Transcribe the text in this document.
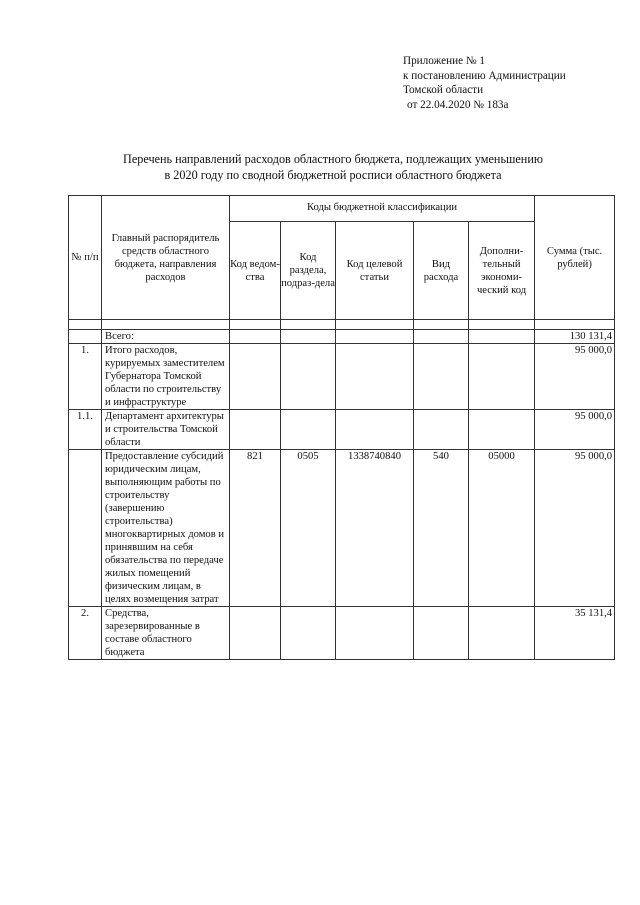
Приложение № 1
к постановлению Администрации
Томской области
от 22.04.2020 № 183а
Перечень направлений расходов областного бюджета, подлежащих уменьшению
в 2020 году по сводной бюджетной росписи областного бюджета
№ п/п	Главный распорядитель средств областного бюджета, направления расходов	Коды бюджетной классификации					Сумма (тыс. рублей)
		Код ведом-ства	Код раздела, подраз-дела	Код целевой статьи	Вид расхода	Дополни-тельный экономи-ческий код	

	Всего:						130 131,4
1.	Итого расходов, курируемых заместителем Губернатора Томской области по строительству и инфраструктуре						95 000,0
1.1.	Департамент архитектуры и строительства Томской области						95 000,0
	Предоставление субсидий юридическим лицам, выполняющим работы по строительству (завершению строительства) многоквартирных домов и принявшим на себя обязательства по передаче жилых помещений физическим лицам, в целях возмещения затрат	821	0505	1338740840	540	05000	95 000,0
2.	Средства, зарезервированные в составе областного бюджета						35 131,4
